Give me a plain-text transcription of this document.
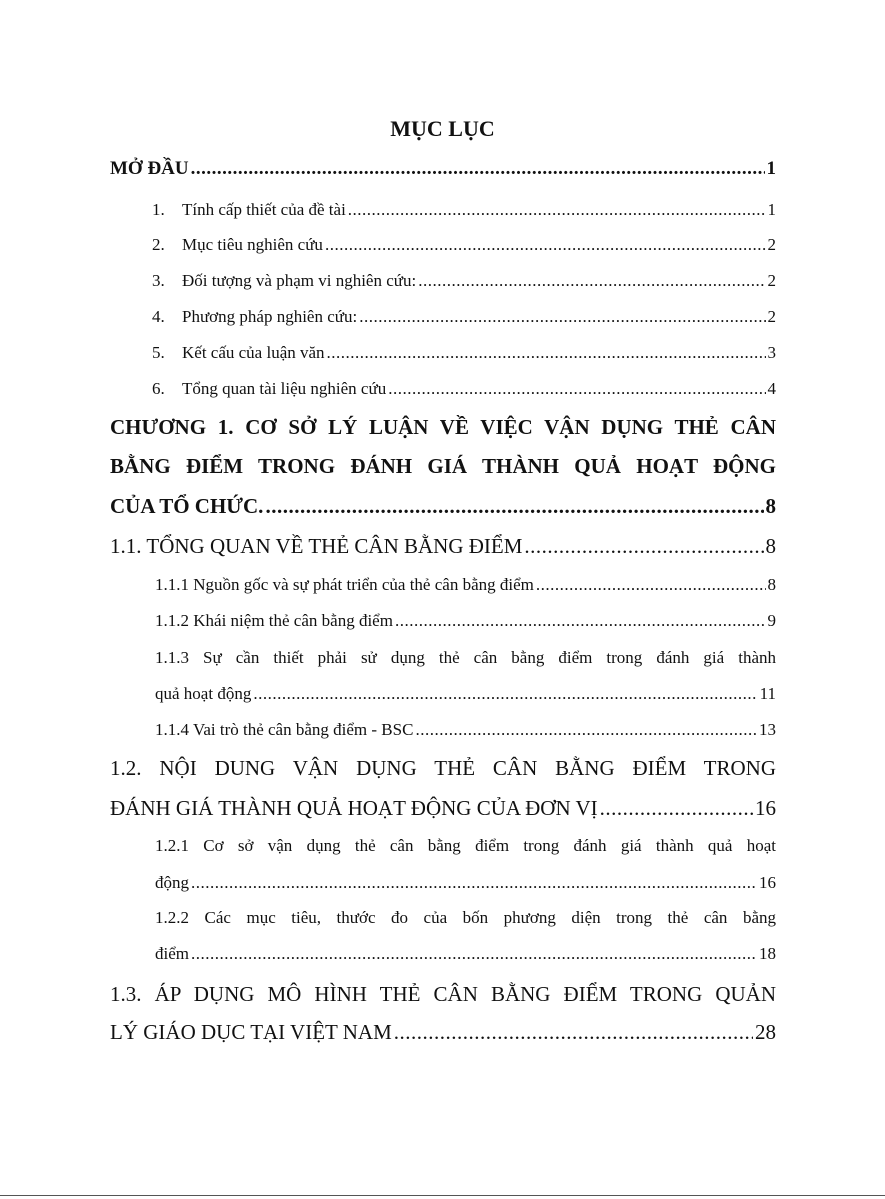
MỤC LỤC
MỞ ĐẦU .....	1
1. Tính cấp thiết của đề tài .....	1
2. Mục tiêu nghiên cứu .....	2
3. Đối tượng và phạm vi nghiên cứu: .....	2
4. Phương pháp nghiên cứu: .....	2
5. Kết cấu của luận văn .....	3
6. Tổng quan tài liệu nghiên cứu .....	4
CHƯƠNG 1. CƠ SỞ LÝ LUẬN VỀ VIỆC VẬN DỤNG THẺ CÂN
BẰNG ĐIỂM TRONG ĐÁNH GIÁ THÀNH QUẢ HOẠT ĐỘNG
CỦA TỔ CHỨC. .....	8
1.1. TỔNG QUAN VỀ THẺ CÂN BẰNG ĐIỂM .....	8
1.1.1 Nguồn gốc và sự phát triển của thẻ cân bằng điểm .....	8
1.1.2 Khái niệm thẻ cân bằng điểm .....	9
1.1.3 Sự cần thiết phải sử dụng thẻ cân bằng điểm trong đánh giá thành
quả hoạt động .....	11
1.1.4 Vai trò thẻ cân bằng điểm - BSC .....	13
1.2. NỘI DUNG VẬN DỤNG THẺ CÂN BẰNG ĐIỂM TRONG
ĐÁNH GIÁ THÀNH QUẢ HOẠT ĐỘNG CỦA ĐƠN VỊ .....	16
1.2.1 Cơ sở vận dụng thẻ cân bằng điểm trong đánh giá thành quả hoạt
động .....	16
1.2.2 Các mục tiêu, thước đo của bốn phương diện trong thẻ cân bằng
điểm .....	18
1.3. ÁP DỤNG MÔ HÌNH THẺ CÂN BẰNG ĐIỂM TRONG QUẢN
LÝ GIÁO DỤC TẠI VIỆT NAM .....	28
